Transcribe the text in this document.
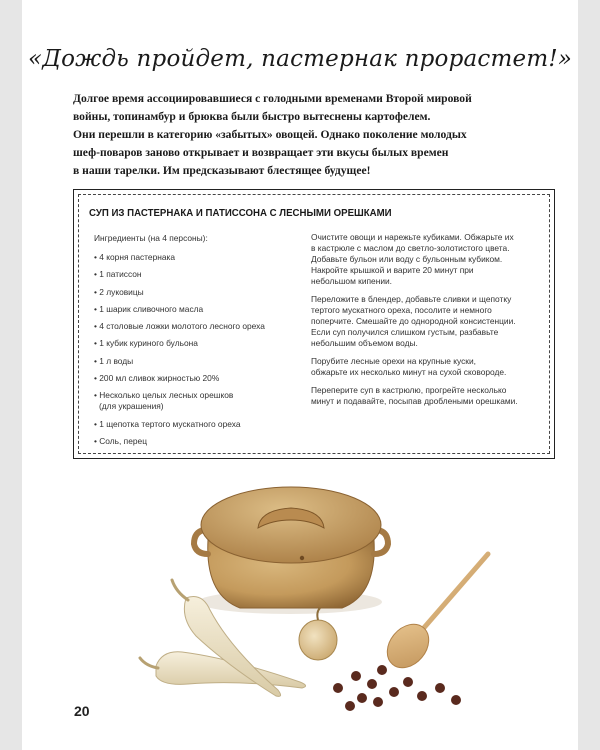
«Дождь пройдет, пастернак прорастет!»
Долгое время ассоциировавшиеся с голодными временами Второй мировой
войны, топинамбур и брюква были быстро вытеснены картофелем.
Они перешли в категорию «забытых» овощей. Однако поколение молодых
шеф-поваров заново открывает и возвращает эти вкусы былых времен
в наши тарелки. Им предсказывают блестящее будущее!
СУП ИЗ ПАСТЕРНАКА И ПАТИССОНА С ЛЕСНЫМИ ОРЕШКАМИ
Ингредиенты (на 4 персоны):
• 4 корня пастернака
• 1 патиссон
• 2 луковицы
• 1 шарик сливочного масла
• 4 столовые ложки молотого лесного ореха
• 1 кубик куриного бульона
• 1 л воды
• 200 мл сливок жирностью 20%
• Несколько целых лесных орешков
(для украшения)
• 1 щепотка тертого мускатного ореха
• Соль, перец

Очистите овощи и нарежьте кубиками. Обжарьте их
в кастрюле с маслом до светло-золотистого цвета.
Добавьте бульон или воду с бульонным кубиком.
Накройте крышкой и варите 20 минут при
небольшом кипении.

Переложите в блендер, добавьте сливки и щепотку
тертого мускатного ореха, посолите и немного
поперчите. Смешайте до однородной консистенции.
Если суп получился слишком густым, разбавьте
небольшим объемом воды.

Порубите лесные орехи на крупные куски,
обжарьте их несколько минут на сухой сковороде.

Переперите суп в кастрюлю, прогрейте несколько
минут и подавайте, посыпав дроблеными орешками.

20
